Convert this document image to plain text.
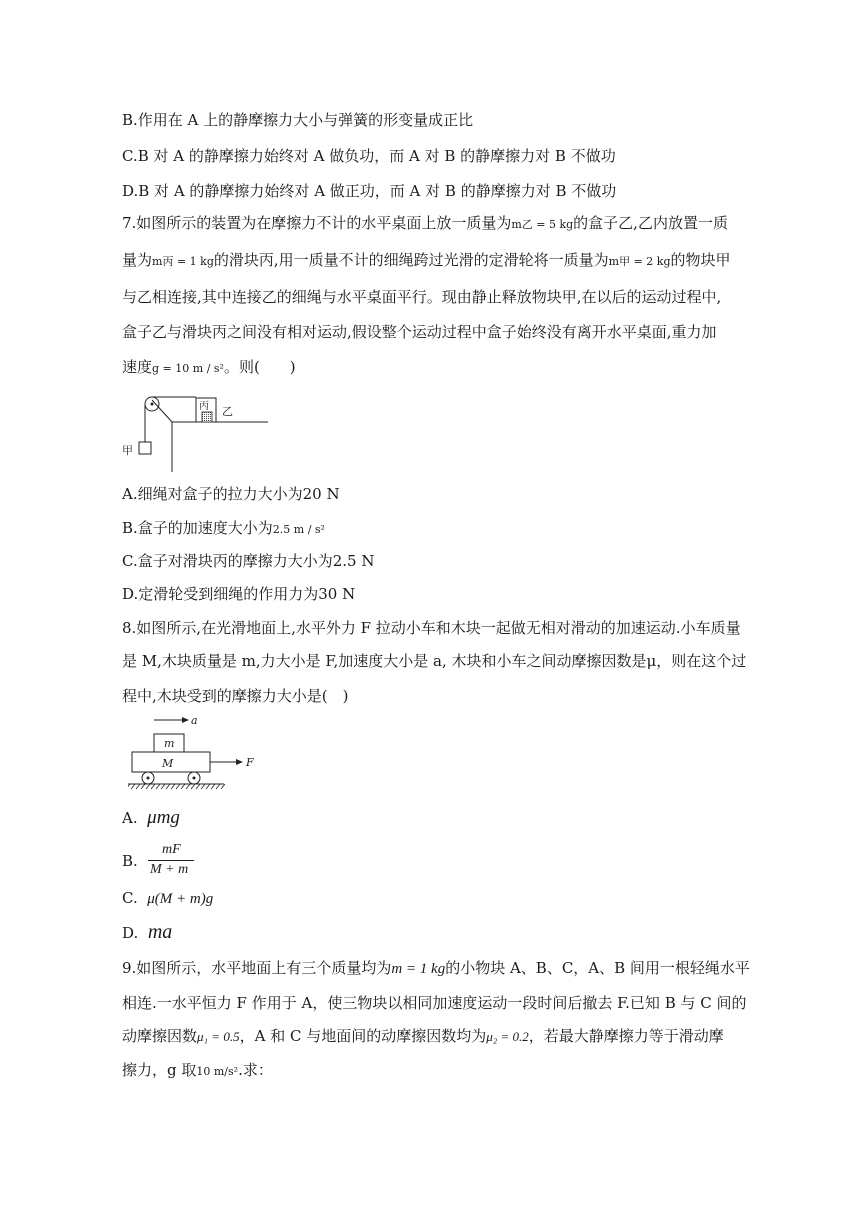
B.作用在 A 上的静摩擦力大小与弹簧的形变量成正比
C.B 对 A 的静摩擦力始终对 A 做负功，而 A 对 B 的静摩擦力对 B 不做功
D.B 对 A 的静摩擦力始终对 A 做正功，而 A 对 B 的静摩擦力对 B 不做功
7.如图所示的装置为在摩擦力不计的水平桌面上放一质量为m乙 = 5 kg的盒子乙,乙内放置一质
量为m丙 = 1 kg的滑块丙,用一质量不计的细绳跨过光滑的定滑轮将一质量为m甲 = 2 kg的物块甲
与乙相连接,其中连接乙的细绳与水平桌面平行。现由静止释放物块甲,在以后的运动过程中,
盒子乙与滑块丙之间没有相对运动,假设整个运动过程中盒子始终没有离开水平桌面,重力加
速度g = 10 m / s²。则(　　)
丙 乙
甲
A.细绳对盒子的拉力大小为20 N
B.盒子的加速度大小为2.5 m / s²
C.盒子对滑块丙的摩擦力大小为2.5 N
D.定滑轮受到细绳的作用力为30 N
8.如图所示,在光滑地面上,水平外力 F 拉动小车和木块一起做无相对滑动的加速运动.小车质量
是 M,木块质量是 m,力大小是 F,加速度大小是 a, 木块和小车之间动摩擦因数是μ，则在这个过
程中,木块受到的摩擦力大小是(　)
a
m
M	F
A. μmg
B.
mF
M + m
C. μ(M + m)g
D. ma
9.如图所示，水平地面上有三个质量均为m = 1 kg的小物块 A、B、C，A、B 间用一根轻绳水平
相连.一水平恒力 F 作用于 A，使三物块以相同加速度运动一段时间后撤去 F.已知 B 与 C 间的
动摩擦因数μ₁ = 0.5，A 和 C 与地面间的动摩擦因数均为μ₂ = 0.2，若最大静摩擦力等于滑动摩
擦力，g 取10 m/s².求：
